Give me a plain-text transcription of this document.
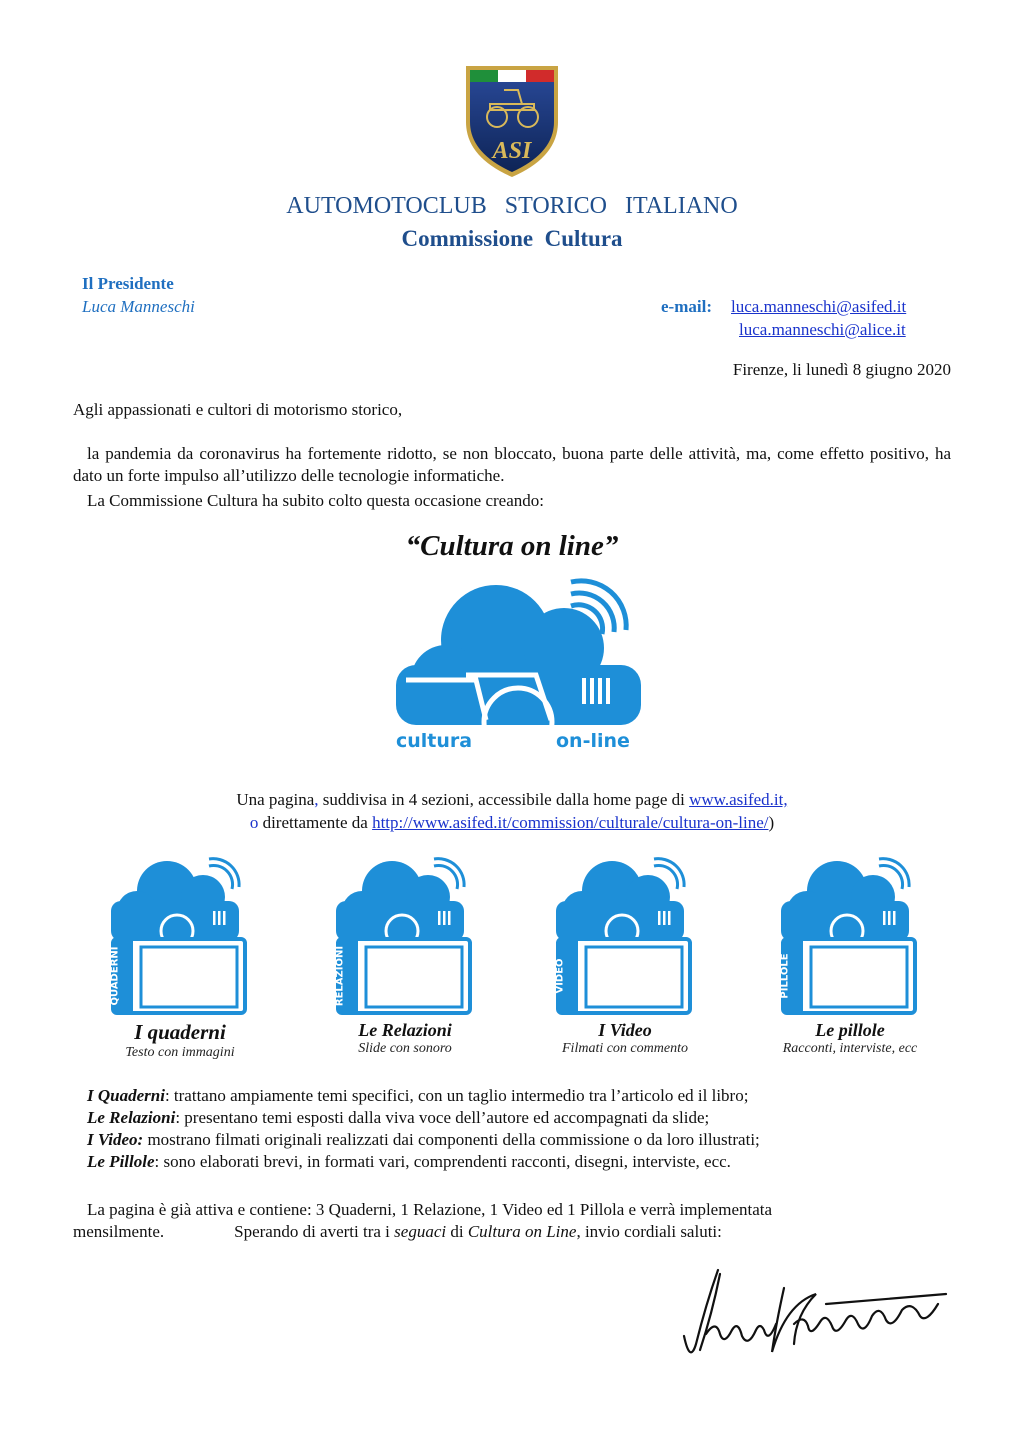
ASI
AUTOMOTOCLUB   STORICO   ITALIANO
Commissione  Cultura
Il Presidente
Luca Manneschi	e-mail: luca.manneschi@asifed.it
luca.manneschi@alice.it
Firenze, li lunedì 8 giugno 2020
Agli appassionati e cultori di motorismo storico,
la pandemia da coronavirus ha fortemente ridotto, se non bloccato, buona parte delle attività, ma, come effetto positivo, ha dato un forte impulso all’utilizzo delle tecnologie informatiche.
La Commissione Cultura ha subito colto questa occasione creando:
“Cultura on line”
cultura	on-line
Una pagina, suddivisa in 4 sezioni, accessibile dalla home page di www.asifed.it,
o direttamente da http://www.asifed.it/commission/culturale/cultura-on-line/)
QUADERNI
I quaderni
Testo con immagini
RELAZIONI
Le Relazioni
Slide con sonoro
VIDEO
I Video
Filmati con commento
PILLOLE
Le pillole
Racconti, interviste, ecc
I Quaderni: trattano ampiamente temi specifici, con un taglio intermedio tra l’articolo ed il libro;
Le Relazioni: presentano temi esposti dalla viva voce dell’autore ed accompagnati da slide;
I Video: mostrano filmati originali realizzati dai componenti della commissione o da loro illustrati;
Le Pillole: sono elaborati brevi, in formati vari, comprendenti racconti, disegni, interviste, ecc.
La pagina è già attiva e contiene: 3 Quaderni, 1 Relazione, 1 Video ed 1 Pillola e verrà implementata
mensilmente.	Sperando di averti tra i seguaci di Cultura on Line, invio cordiali saluti:
